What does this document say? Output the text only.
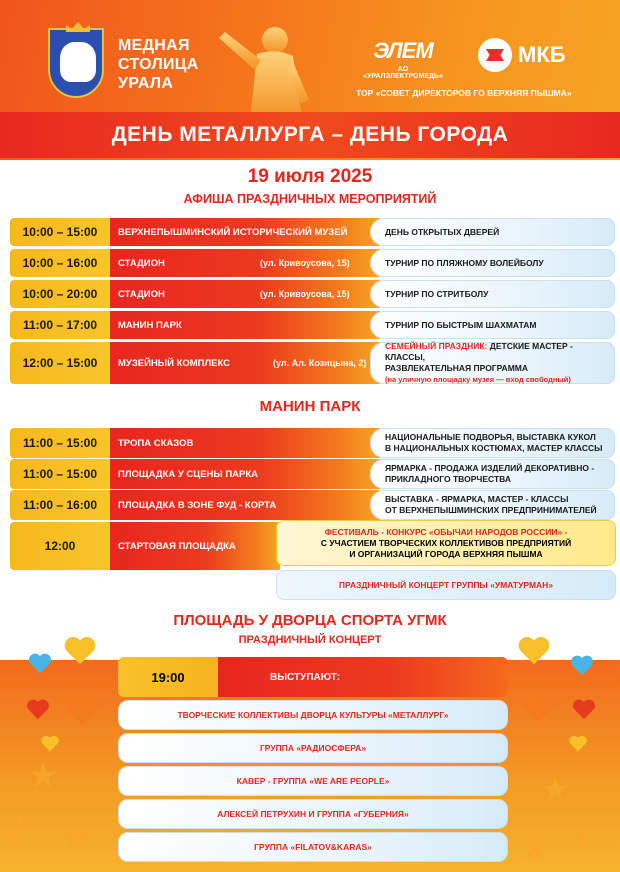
МЕДНАЯ
СТОЛИЦА
УРАЛА
ЭЛЕМ
АО «УРАЛЭЛЕКТРОМЕДЬ»
МКБ
ТОР «СОВЕТ ДИРЕКТОРОВ ГО ВЕРХНЯЯ ПЫШМА»
ДЕНЬ МЕТАЛЛУРГА – ДЕНЬ ГОРОДА
19 июля 2025
АФИША ПРАЗДНИЧНЫХ МЕРОПРИЯТИЙ
10:00 – 15:00	ВЕРХНЕПЫШМИНСКИЙ ИСТОРИЧЕСКИЙ МУЗЕЙ	ДЕНЬ ОТКРЫТЫХ ДВЕРЕЙ
10:00 – 16:00	СТАДИОН	(ул. Кривоусова, 15)	ТУРНИР ПО ПЛЯЖНОМУ ВОЛЕЙБОЛУ
10:00 – 20:00	СТАДИОН	(ул. Кривоусова, 15)	ТУРНИР ПО СТРИТБОЛУ
11:00 – 17:00	МАНИН ПАРК	ТУРНИР ПО БЫСТРЫМ ШАХМАТАМ
12:00 – 15:00	МУЗЕЙНЫЙ КОМПЛЕКС	(ул. Ал. Козицына, 2)
СЕМЕЙНЫЙ ПРАЗДНИК: ДЕТСКИЕ МАСТЕР - КЛАССЫ,
РАЗВЛЕКАТЕЛЬНАЯ ПРОГРАММА
(на уличную площадку музея — вход свободный)
МАНИН ПАРК
11:00 – 15:00	ТРОПА СКАЗОВ
НАЦИОНАЛЬНЫЕ ПОДВОРЬЯ, ВЫСТАВКА КУКОЛ
В НАЦИОНАЛЬНЫХ КОСТЮМАХ, МАСТЕР КЛАССЫ
11:00 – 15:00	ПЛОЩАДКА У СЦЕНЫ ПАРКА
ЯРМАРКА - ПРОДАЖА ИЗДЕЛИЙ ДЕКОРАТИВНО -
ПРИКЛАДНОГО ТВОРЧЕСТВА
11:00 – 16:00	ПЛОЩАДКА В ЗОНЕ ФУД - КОРТА
ВЫСТАВКА - ЯРМАРКА, МАСТЕР - КЛАССЫ
ОТ ВЕРХНЕПЫШМИНСКИХ ПРЕДПРИНИМАТЕЛЕЙ
12:00	СТАРТОВАЯ ПЛОЩАДКА
ФЕСТИВАЛЬ - КОНКУРС «ОБЫЧАИ НАРОДОВ РОССИИ» -
С УЧАСТИЕМ ТВОРЧЕСКИХ КОЛЛЕКТИВОВ ПРЕДПРИЯТИЙ
И ОРГАНИЗАЦИЙ ГОРОДА ВЕРХНЯЯ ПЫШМА
ПРАЗДНИЧНЫЙ КОНЦЕРТ ГРУППЫ «УМАТУРМАН»
ПЛОЩАДЬ У ДВОРЦА СПОРТА УГМК
ПРАЗДНИЧНЫЙ КОНЦЕРТ
★
★ ★
★
★
★
19:00	ВЫСТУПАЮТ:
ТВОРЧЕСКИЕ КОЛЛЕКТИВЫ ДВОРЦА КУЛЬТУРЫ «МЕТАЛЛУРГ»
ГРУППА «РАДИОСФЕРА»
КАВЕР - ГРУППА «WE ARE PEOPLE»
АЛЕКСЕЙ ПЕТРУХИН И ГРУППА «ГУБЕРНИЯ»
ГРУППА «FILATOV&KARAS»
